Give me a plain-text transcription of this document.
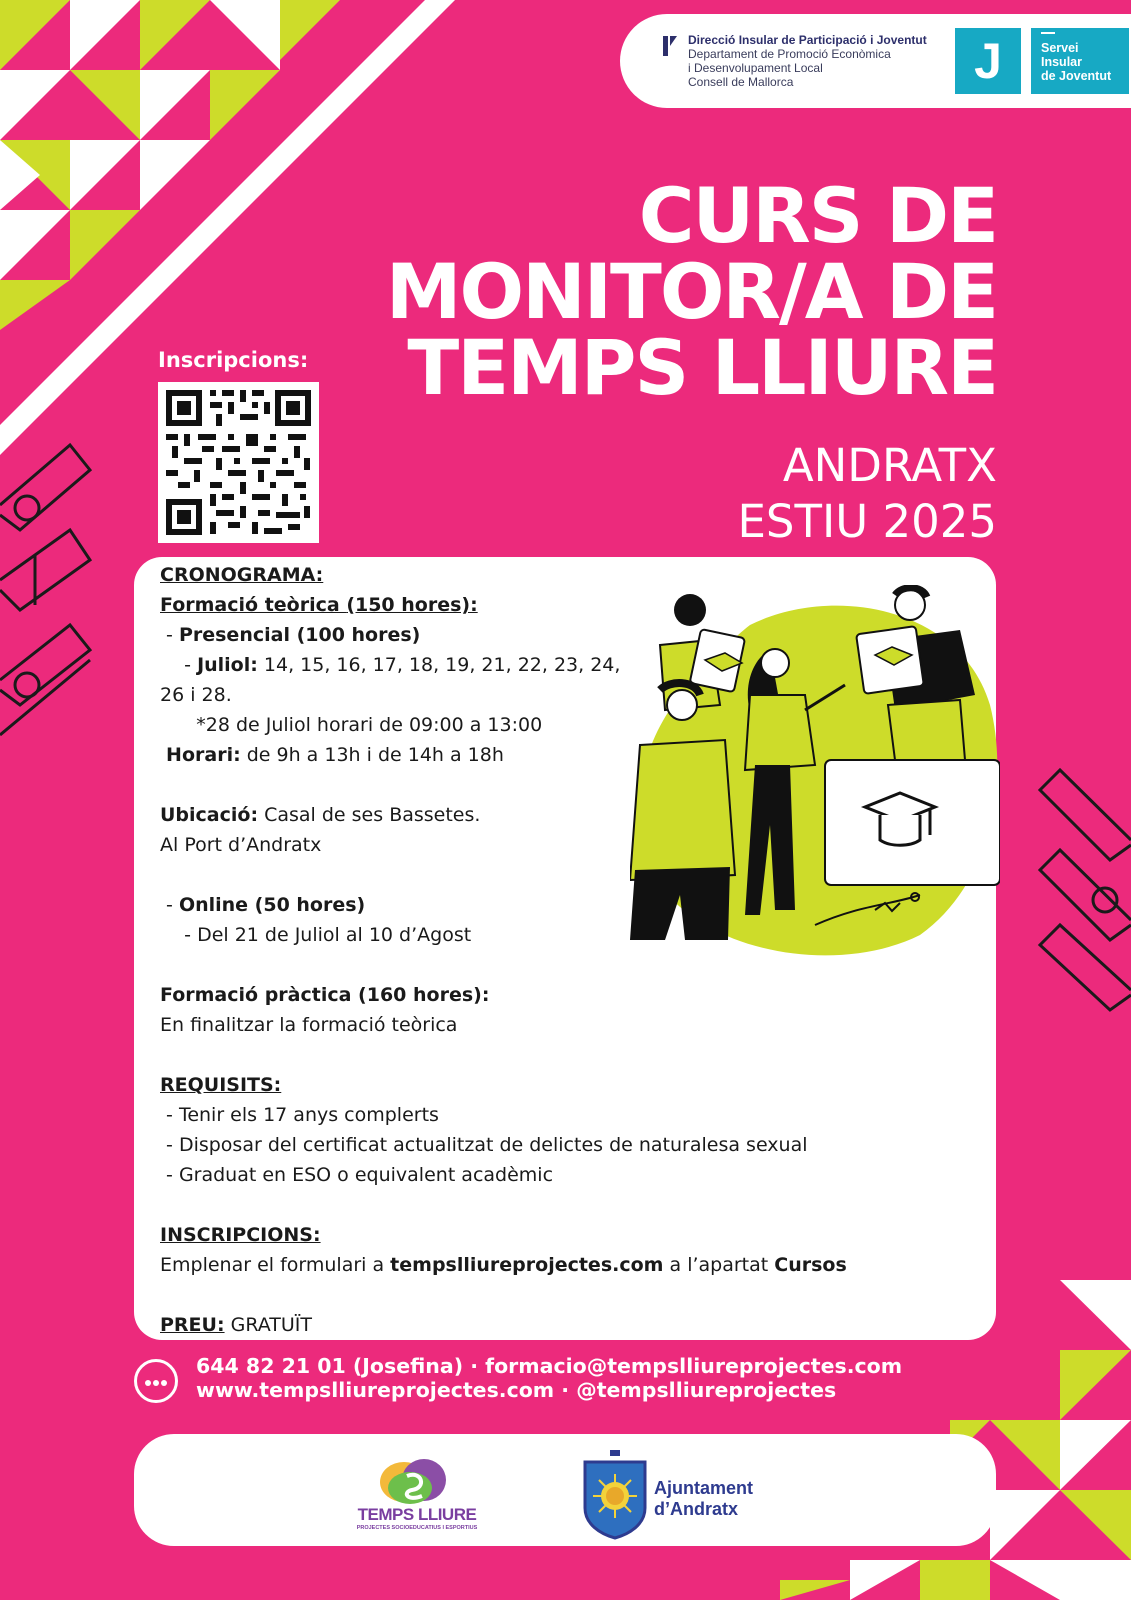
Direcció Insular de Participació i Joventut
Departament de Promoció Econòmica
i Desenvolupament Local
Consell de Mallorca	J	Servei
Insular
de Joventut
CURS DE
MONITOR/A DE
TEMPS LLIURE
ANDRATX
ESTIU 2025
Inscripcions:
CRONOGRAMA:
Formació teòrica (150 hores):
- Presencial (100 hores)
- Juliol: 14, 15, 16, 17, 18, 19, 21, 22, 23, 24,
26 i 28.
*28 de Juliol horari de 09:00 a 13:00
Horari: de 9h a 13h i de 14h a 18h
Ubicació: Casal de ses Bassetes.
Al Port d’Andratx
- Online (50 hores)
- Del 21 de Juliol al 10 d’Agost
Formació pràctica (160 hores):
En finalitzar la formació teòrica
REQUISITS:
- Tenir els 17 anys complerts
- Disposar del certificat actualitzat de delictes de naturalesa sexual
- Graduat en ESO o equivalent acadèmic
INSCRIPCIONS:
Emplenar el formulari a tempslliureprojectes.com a l’apartat Cursos
PREU: GRATUÏT
644 82 21 01 (Josefina) · formacio@tempslliureprojectes.com
www.tempslliureprojectes.com · @tempslliureprojectes
TEMPS LLIURE
PROJECTES SOCIOEDUCATIUS I ESPORTIUS
Ajuntament
d’Andratx
